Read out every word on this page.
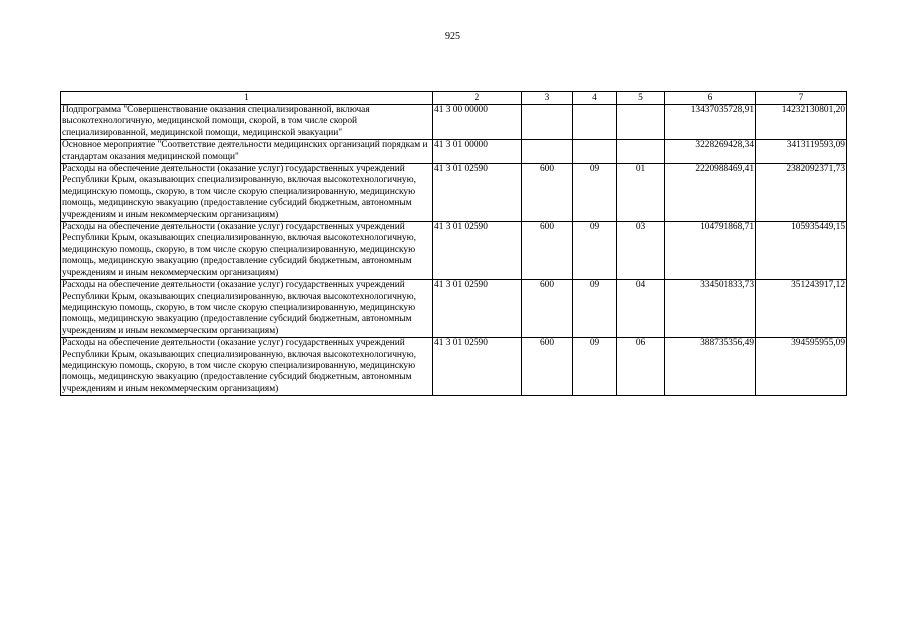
925
1	2	3	4	5	6	7
Подпрограмма "Совершенствование оказания специализированной, включая высокотехнологичную, медицинской помощи, скорой, в том числе скорой специализированной, медицинской помощи, медицинской эвакуации"	41 3 00 00000				13437035728,91	14232130801,20
Основное мероприятие "Соответствие деятельности медицинских организаций порядкам и стандартам оказания медицинской помощи"	41 3 01 00000				3228269428,34	3413119593,09
Расходы на обеспечение деятельности (оказание услуг) государственных учреждений Республики Крым, оказывающих специализированную, включая высокотехнологичную, медицинскую помощь, скорую, в том числе скорую специализированную, медицинскую помощь, медицинскую эвакуацию (предоставление субсидий бюджетным, автономным учреждениям и иным некоммерческим организациям)	41 3 01 02590	600	09	01	2220988469,41	2382092371,73
Расходы на обеспечение деятельности (оказание услуг) государственных учреждений Республики Крым, оказывающих специализированную, включая высокотехнологичную, медицинскую помощь, скорую, в том числе скорую специализированную, медицинскую помощь, медицинскую эвакуацию (предоставление субсидий бюджетным, автономным учреждениям и иным некоммерческим организациям)	41 3 01 02590	600	09	03	104791868,71	105935449,15
Расходы на обеспечение деятельности (оказание услуг) государственных учреждений Республики Крым, оказывающих специализированную, включая высокотехнологичную, медицинскую помощь, скорую, в том числе скорую специализированную, медицинскую помощь, медицинскую эвакуацию (предоставление субсидий бюджетным, автономным учреждениям и иным некоммерческим организациям)	41 3 01 02590	600	09	04	334501833,73	351243917,12
Расходы на обеспечение деятельности (оказание услуг) государственных учреждений Республики Крым, оказывающих специализированную, включая высокотехнологичную, медицинскую помощь, скорую, в том числе скорую специализированную, медицинскую помощь, медицинскую эвакуацию (предоставление субсидий бюджетным, автономным учреждениям и иным некоммерческим организациям)	41 3 01 02590	600	09	06	388735356,49	394595955,09
